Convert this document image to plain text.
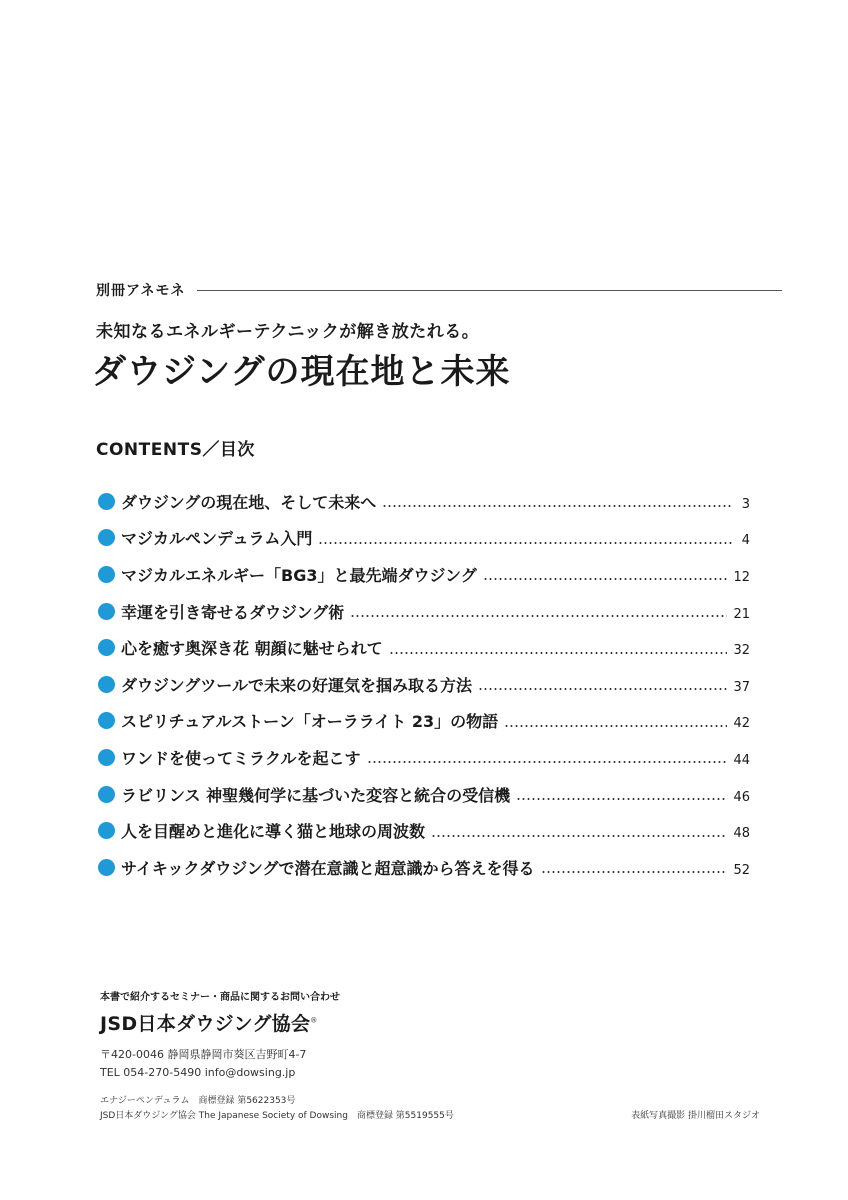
別冊アネモネ
未知なるエネルギーテクニックが解き放たれる。
ダウジングの現在地と未来
CONTENTS／目次
ダウジングの現在地、そして未来へ	3
マジカルペンデュラム入門	4
マジカルエネルギー「BG3」と最先端ダウジング	12
幸運を引き寄せるダウジング術	21
心を癒す奥深き花 朝顔に魅せられて	32
ダウジングツールで未来の好運気を掴み取る方法	37
スピリチュアルストーン「オーラライト 23」の物語	42
ワンドを使ってミラクルを起こす	44
ラビリンス 神聖幾何学に基づいた変容と統合の受信機	46
人を目醒めと進化に導く猫と地球の周波数	48
サイキックダウジングで潜在意識と超意識から答えを得る	52
本書で紹介するセミナー・商品に関するお問い合わせ
JSD日本ダウジング協会®
〒420-0046 静岡県静岡市葵区吉野町4-7
TEL 054-270-5490 info@dowsing.jp
エナジーペンデュラム　商標登録 第5622353号
JSD日本ダウジング協会 The Japanese Society of Dowsing　商標登録 第5519555号	表紙写真撮影 掛川榴田スタジオ
